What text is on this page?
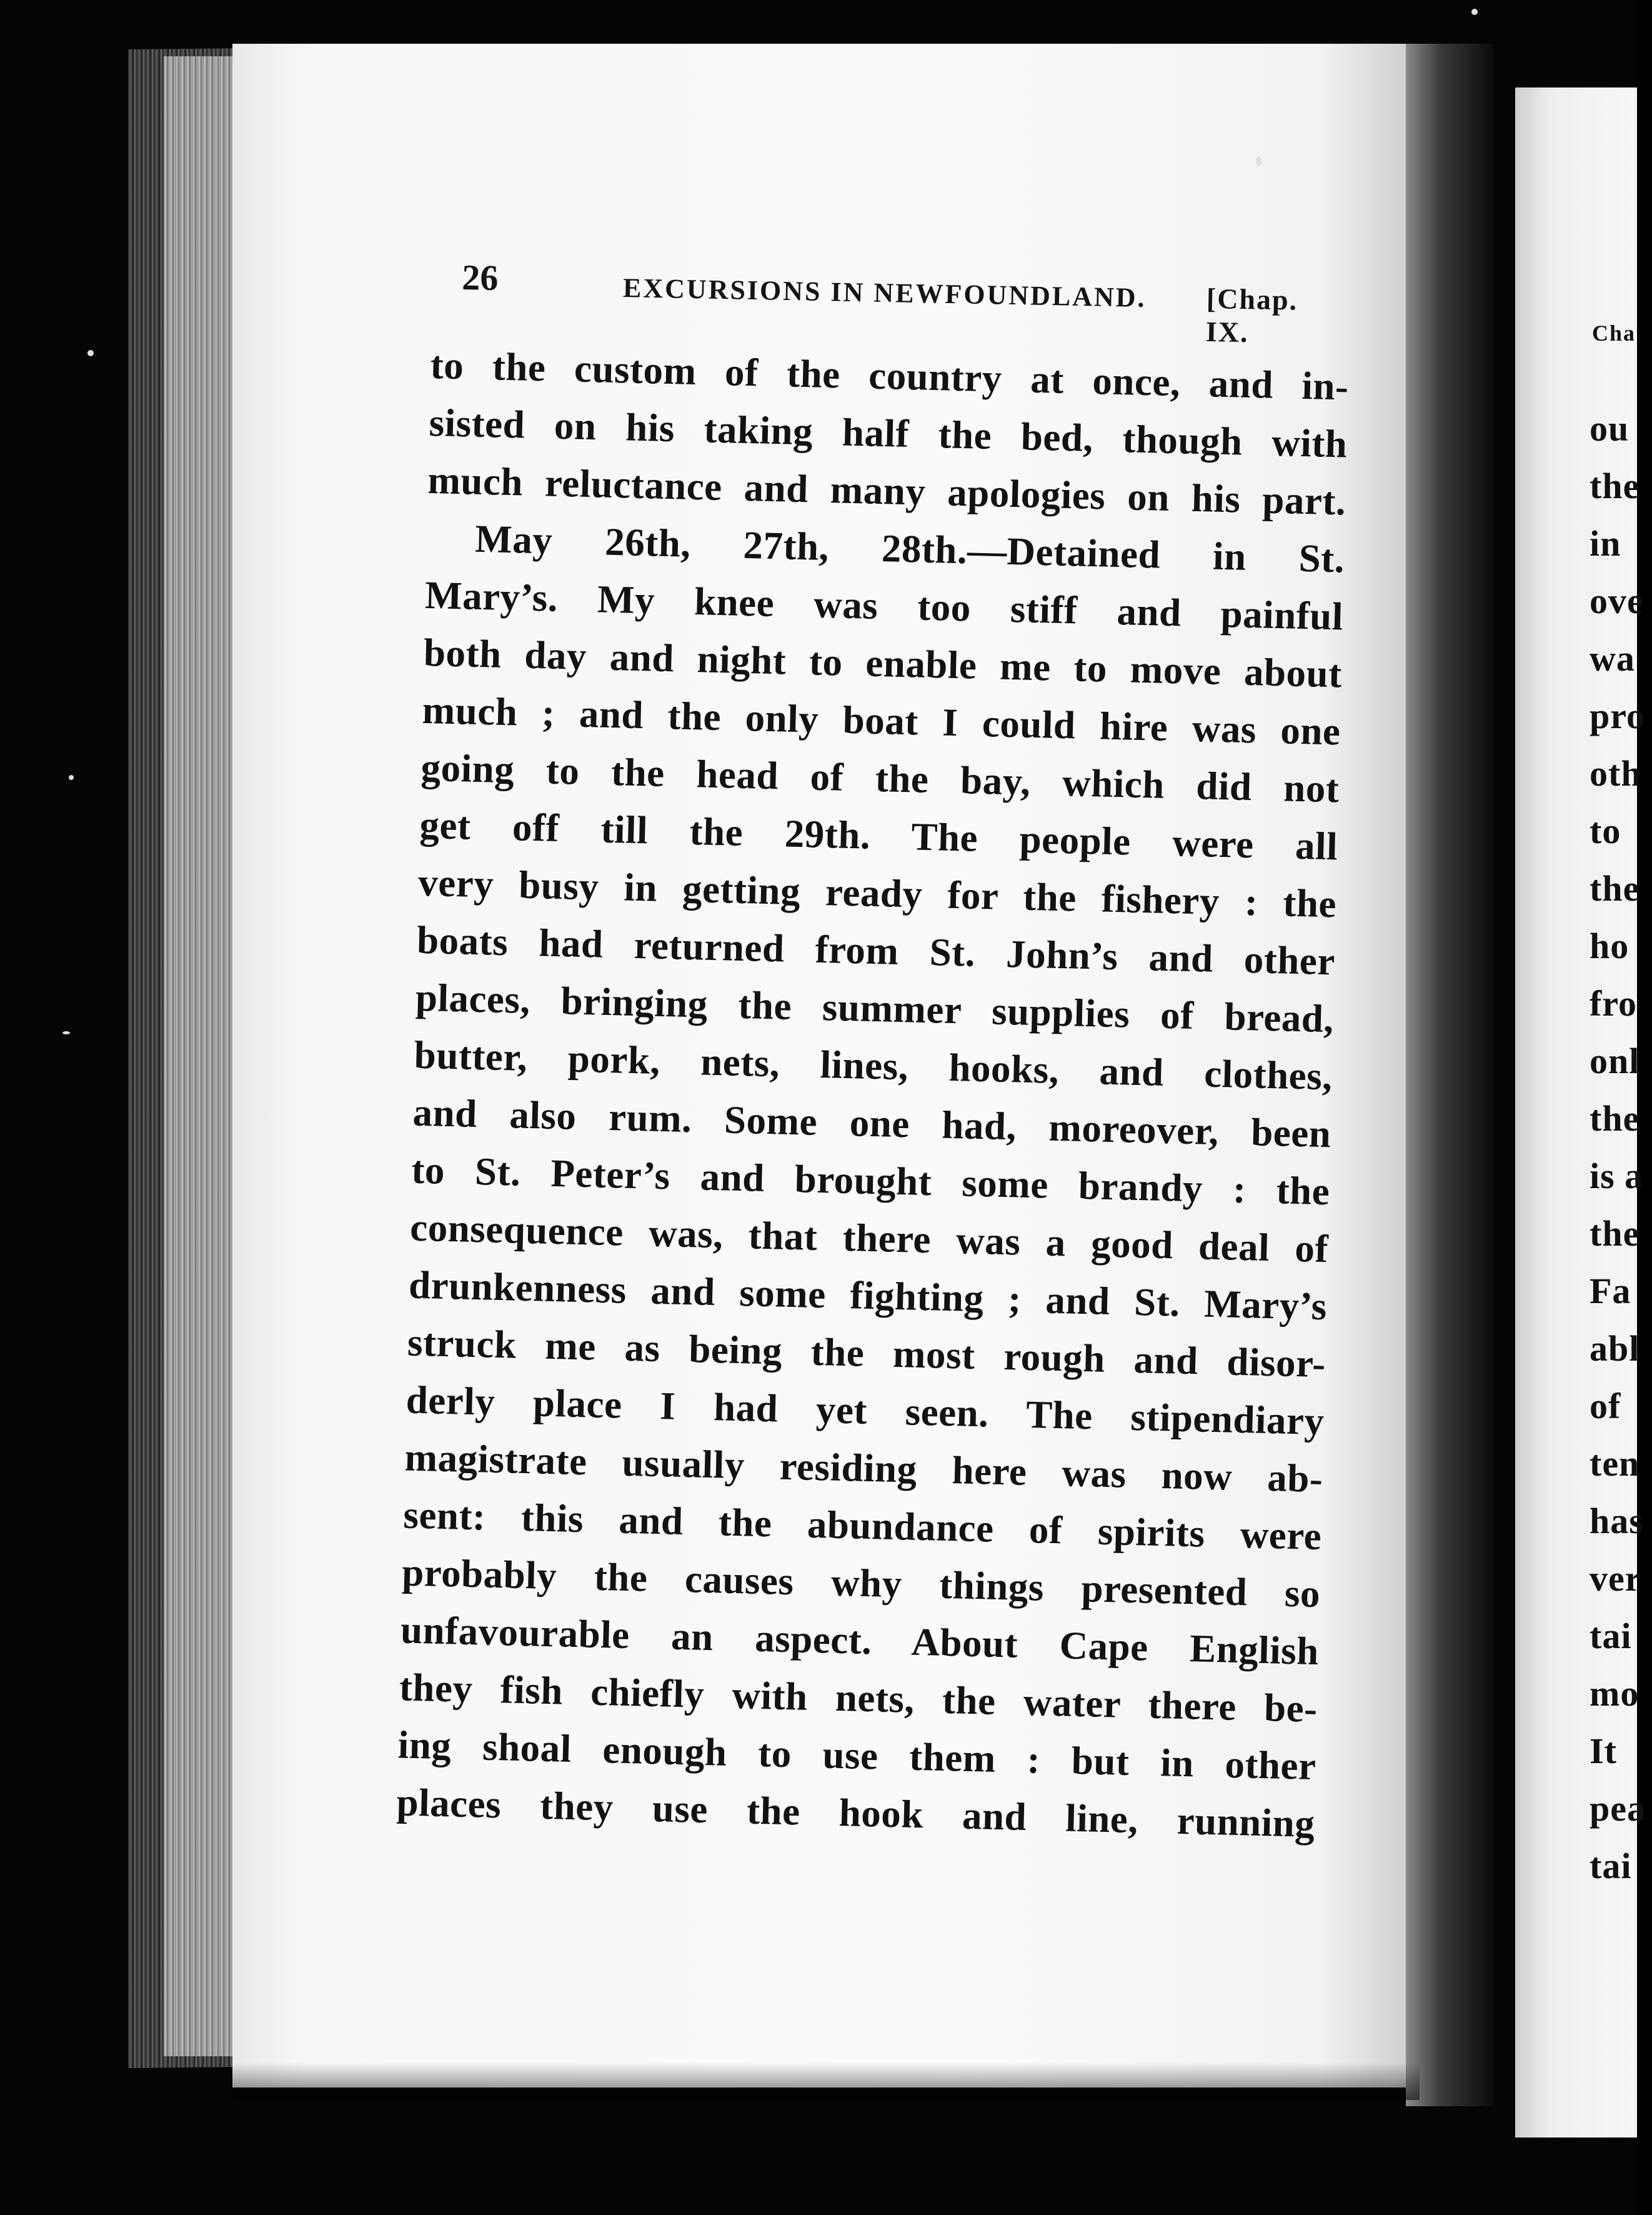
26	EXCURSIONS IN NEWFOUNDLAND. [Chap. IX.
to the custom of the country at once, and in-
sisted on his taking half the bed, though with
much reluctance and many apologies on his part.
May 26th, 27th, 28th.—Detained in St.
Mary’s. My knee was too stiff and painful
both day and night to enable me to move about
much ; and the only boat I could hire was one
going to the head of the bay, which did not
get off till the 29th. The people were all
very busy in getting ready for the fishery : the
boats had returned from St. John’s and other
places, bringing the summer supplies of bread,
butter, pork, nets, lines, hooks, and clothes,
and also rum. Some one had, moreover, been
to St. Peter’s and brought some brandy : the
consequence was, that there was a good deal of
drunkenness and some fighting ; and St. Mary’s
struck me as being the most rough and disor-
derly place I had yet seen. The stipendiary
magistrate usually residing here was now ab-
sent: this and the abundance of spirits were
probably the causes why things presented so
unfavourable an aspect. About Cape English
they fish chiefly with nets, the water there be-
ing shoal enough to use them : but in other
places they use the hook and line, running
Cha
ou
the
in
ove
wa
pro
oth
to
the
ho
fro
onl
the
is a
the
Fa
abl
of
ten
has
ver
tai
mo
It
pea
tai
